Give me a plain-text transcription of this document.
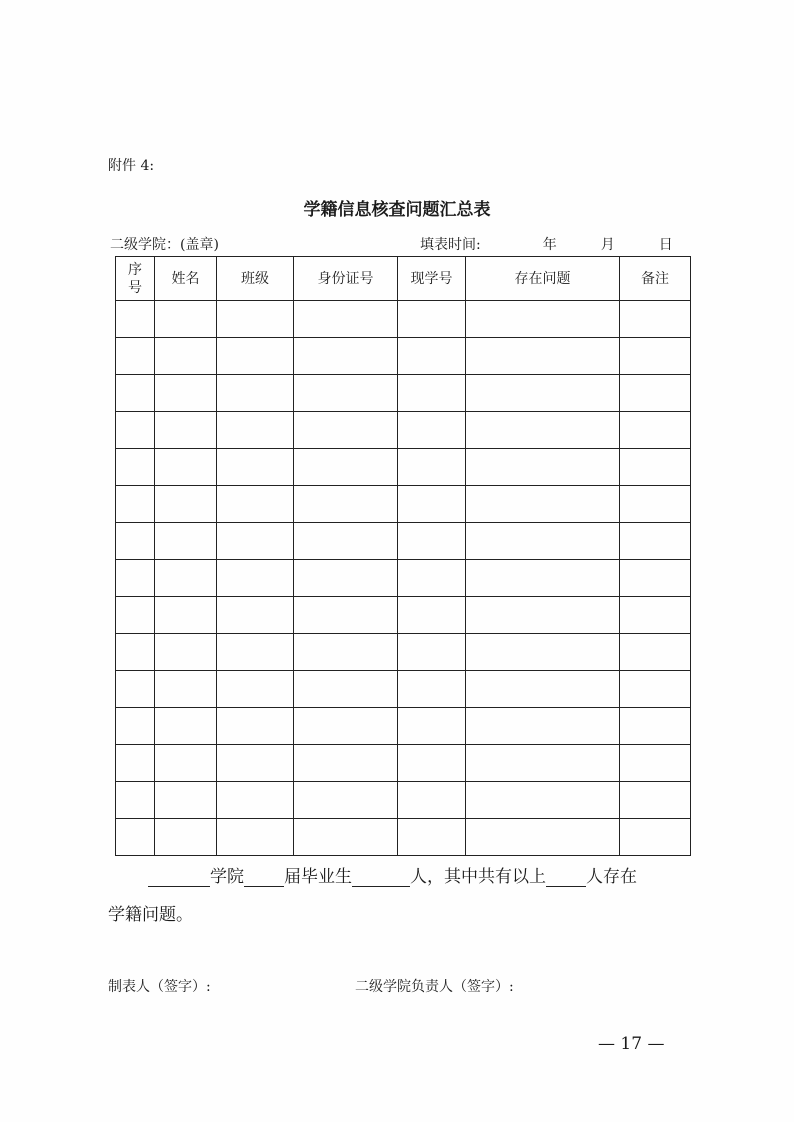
附件 4:
学籍信息核查问题汇总表
二级学院：(盖章)	填表时间:	年	月	日
序
号	姓名	班级	身份证号	现学号	存在问题	备注

学院 届毕业生	人，其中共有以上 人存在
学籍问题。
制表人（签字）:	二级学院负责人（签字）:
— 17 —
